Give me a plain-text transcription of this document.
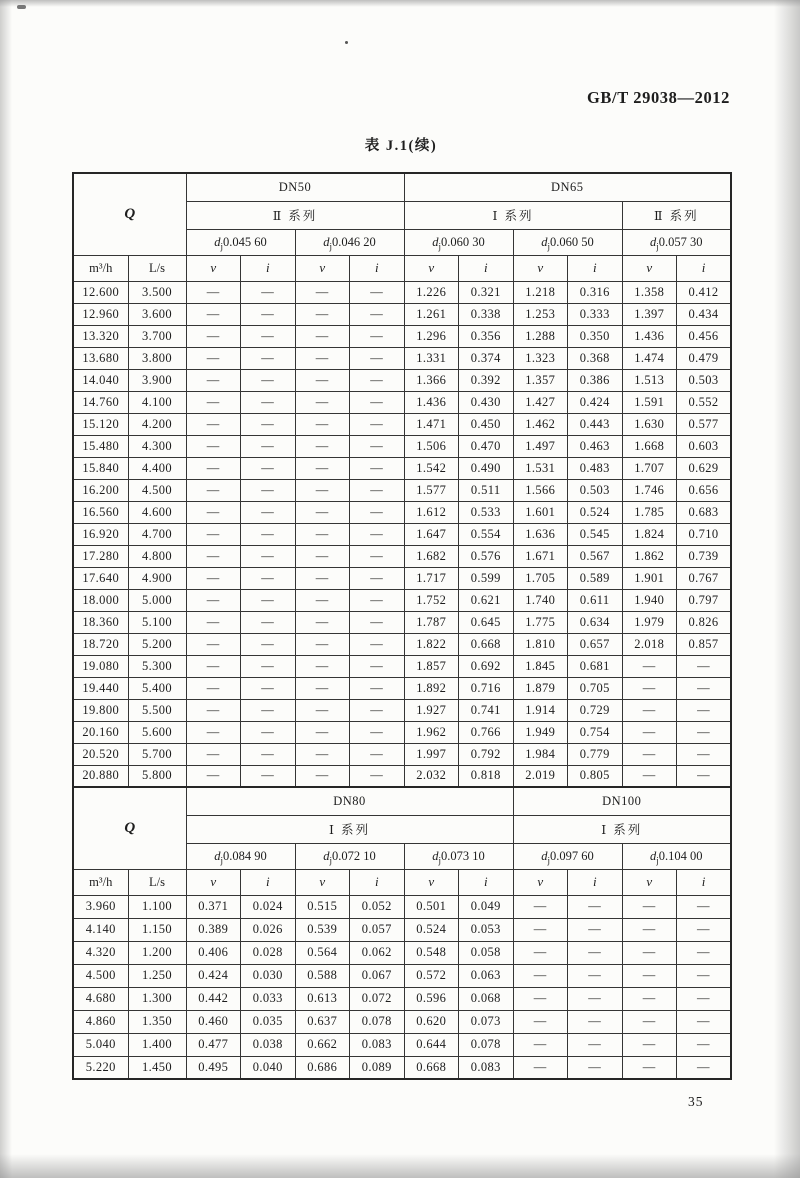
GB/T 29038—2012
表 J.1(续)
Q		DN50				DN65					
		Ⅱ 系列				Ⅰ 系列				Ⅱ 系列	
		$d_j0.045$ 60		$d_j0.046$ 20		$d_j0.060$ 30		$d_j0.060$ 50		$d_j0.057$ 30	
m³/h	L/s	v	i	v	i	v	i	v	i	v	i
12.600	3.500	—	—	—	—	1.226	0.321	1.218	0.316	1.358	0.412
12.960	3.600	—	—	—	—	1.261	0.338	1.253	0.333	1.397	0.434
13.320	3.700	—	—	—	—	1.296	0.356	1.288	0.350	1.436	0.456
13.680	3.800	—	—	—	—	1.331	0.374	1.323	0.368	1.474	0.479
14.040	3.900	—	—	—	—	1.366	0.392	1.357	0.386	1.513	0.503
14.760	4.100	—	—	—	—	1.436	0.430	1.427	0.424	1.591	0.552
15.120	4.200	—	—	—	—	1.471	0.450	1.462	0.443	1.630	0.577
15.480	4.300	—	—	—	—	1.506	0.470	1.497	0.463	1.668	0.603
15.840	4.400	—	—	—	—	1.542	0.490	1.531	0.483	1.707	0.629
16.200	4.500	—	—	—	—	1.577	0.511	1.566	0.503	1.746	0.656
16.560	4.600	—	—	—	—	1.612	0.533	1.601	0.524	1.785	0.683
16.920	4.700	—	—	—	—	1.647	0.554	1.636	0.545	1.824	0.710
17.280	4.800	—	—	—	—	1.682	0.576	1.671	0.567	1.862	0.739
17.640	4.900	—	—	—	—	1.717	0.599	1.705	0.589	1.901	0.767
18.000	5.000	—	—	—	—	1.752	0.621	1.740	0.611	1.940	0.797
18.360	5.100	—	—	—	—	1.787	0.645	1.775	0.634	1.979	0.826
18.720	5.200	—	—	—	—	1.822	0.668	1.810	0.657	2.018	0.857
19.080	5.300	—	—	—	—	1.857	0.692	1.845	0.681	—	—
19.440	5.400	—	—	—	—	1.892	0.716	1.879	0.705	—	—
19.800	5.500	—	—	—	—	1.927	0.741	1.914	0.729	—	—
20.160	5.600	—	—	—	—	1.962	0.766	1.949	0.754	—	—
20.520	5.700	—	—	—	—	1.997	0.792	1.984	0.779	—	—
20.880	5.800	—	—	—	—	2.032	0.818	2.019	0.805	—	—
Q		DN80						DN100			
		Ⅰ 系列						Ⅰ 系列			
		$d_j0.084$ 90		$d_j0.072$ 10		$d_j0.073$ 10		$d_j0.097$ 60		$d_j0.104$ 00	
m³/h	L/s	v	i	v	i	v	i	v	i	v	i
3.960	1.100	0.371	0.024	0.515	0.052	0.501	0.049	—	—	—	—
4.140	1.150	0.389	0.026	0.539	0.057	0.524	0.053	—	—	—	—
4.320	1.200	0.406	0.028	0.564	0.062	0.548	0.058	—	—	—	—
4.500	1.250	0.424	0.030	0.588	0.067	0.572	0.063	—	—	—	—
4.680	1.300	0.442	0.033	0.613	0.072	0.596	0.068	—	—	—	—
4.860	1.350	0.460	0.035	0.637	0.078	0.620	0.073	—	—	—	—
5.040	1.400	0.477	0.038	0.662	0.083	0.644	0.078	—	—	—	—
5.220	1.450	0.495	0.040	0.686	0.089	0.668	0.083	—	—	—	—
35
